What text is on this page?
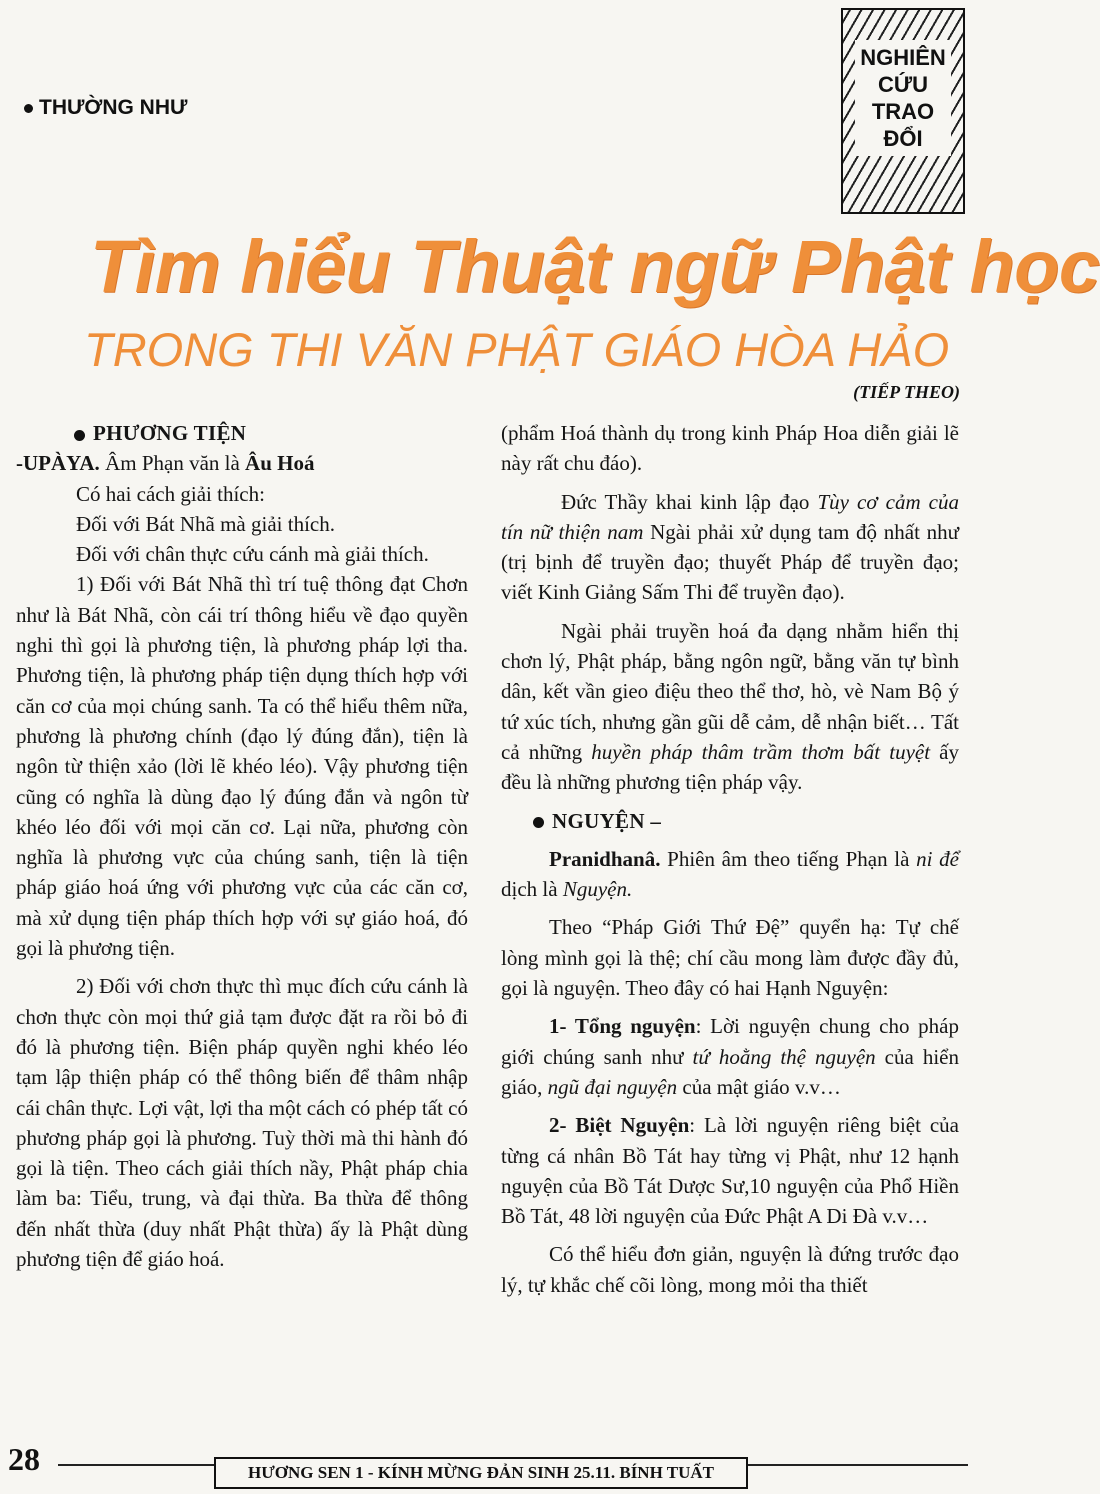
NGHIÊN
CỨU
TRAO
ĐỔI
THƯỜNG NHƯ
Tìm hiểu Thuật ngữ Phật học
TRONG THI VĂN PHẬT GIÁO HÒA HẢO
(TIẾP THEO)

PHƯƠNG TIỆN

-UPÀYA. Âm Phạn văn là Âu Hoá

Có hai cách giải thích:

Đối với Bát Nhã mà giải thích.

Đối với chân thực cứu cánh mà giải thích.

1) Đối với Bát Nhã thì trí tuệ thông đạt Chơn như là Bát Nhã, còn cái trí thông hiểu về đạo quyền nghi thì gọi là phương tiện, là phương pháp lợi tha. Phương tiện, là phương pháp tiện dụng thích hợp với căn cơ của mọi chúng sanh. Ta có thể hiểu thêm nữa, phương là phương chính (đạo lý đúng đắn), tiện là ngôn từ thiện xảo (lời lẽ khéo léo). Vậy phương tiện cũng có nghĩa là dùng đạo lý đúng đắn và ngôn từ khéo léo đối với mọi căn cơ. Lại nữa, phương còn nghĩa là phương vực của chúng sanh, tiện là tiện pháp giáo hoá ứng với phương vực của các căn cơ, mà xử dụng tiện pháp thích hợp với sự giáo hoá, đó gọi là phương tiện.

2) Đối với chơn thực thì mục đích cứu cánh là chơn thực còn mọi thứ giả tạm được đặt ra rồi bỏ đi đó là phương tiện. Biện pháp quyền nghi khéo léo tạm lập thiện pháp có thể thông biến để thâm nhập cái chân thực. Lợi vật, lợi tha một cách có phép tất có phương pháp gọi là phương. Tuỳ thời mà thi hành đó gọi là tiện. Theo cách giải thích nầy, Phật pháp chia làm ba: Tiểu, trung, và đại thừa. Ba thừa để thông đến nhất thừa (duy nhất Phật thừa) ấy là Phật dùng phương tiện để giáo hoá.

(phẩm Hoá thành dụ trong kinh Pháp Hoa diễn giải lẽ này rất chu đáo).

Đức Thầy khai kinh lập đạo Tùy cơ cảm của tín nữ thiện nam Ngài phải xử dụng tam độ nhất như (trị bịnh để truyền đạo; thuyết Pháp để truyền đạo; viết Kinh Giảng Sấm Thi để truyền đạo).

Ngài phải truyền hoá đa dạng nhằm hiển thị chơn lý, Phật pháp, bằng ngôn ngữ, bằng văn tự bình dân, kết vần gieo điệu theo thể thơ, hò, vè Nam Bộ ý tứ xúc tích, nhưng gần gũi dễ cảm, dễ nhận biết… Tất cả những huyền pháp thâm trầm thơm bất tuyệt ấy đều là những phương tiện pháp vậy.

NGUYỆN –

Pranidhanâ. Phiên âm theo tiếng Phạn là ni để dịch là Nguyện.

Theo “Pháp Giới Thứ Đệ” quyển hạ: Tự chế lòng mình gọi là thệ; chí cầu mong làm được đầy đủ, gọi là nguyện. Theo đây có hai Hạnh Nguyện:

1- Tổng nguyện: Lời nguyện chung cho pháp giới chúng sanh như tứ hoằng thệ nguyện của hiển giáo, ngũ đại nguyện của mật giáo v.v…

2- Biệt Nguyện: Là lời nguyện riêng biệt của từng cá nhân Bồ Tát hay từng vị Phật, như 12 hạnh nguyện của Bồ Tát Dược Sư,10 nguyện của Phổ Hiền Bồ Tát, 48 lời nguyện của Đức Phật A Di Đà v.v…

Có thể hiểu đơn giản, nguyện là đứng trước đạo lý, tự khắc chế cõi lòng, mong mỏi tha thiết

28	HƯƠNG SEN 1 - KÍNH MỪNG ĐẢN SINH 25.11. BÍNH TUẤT
